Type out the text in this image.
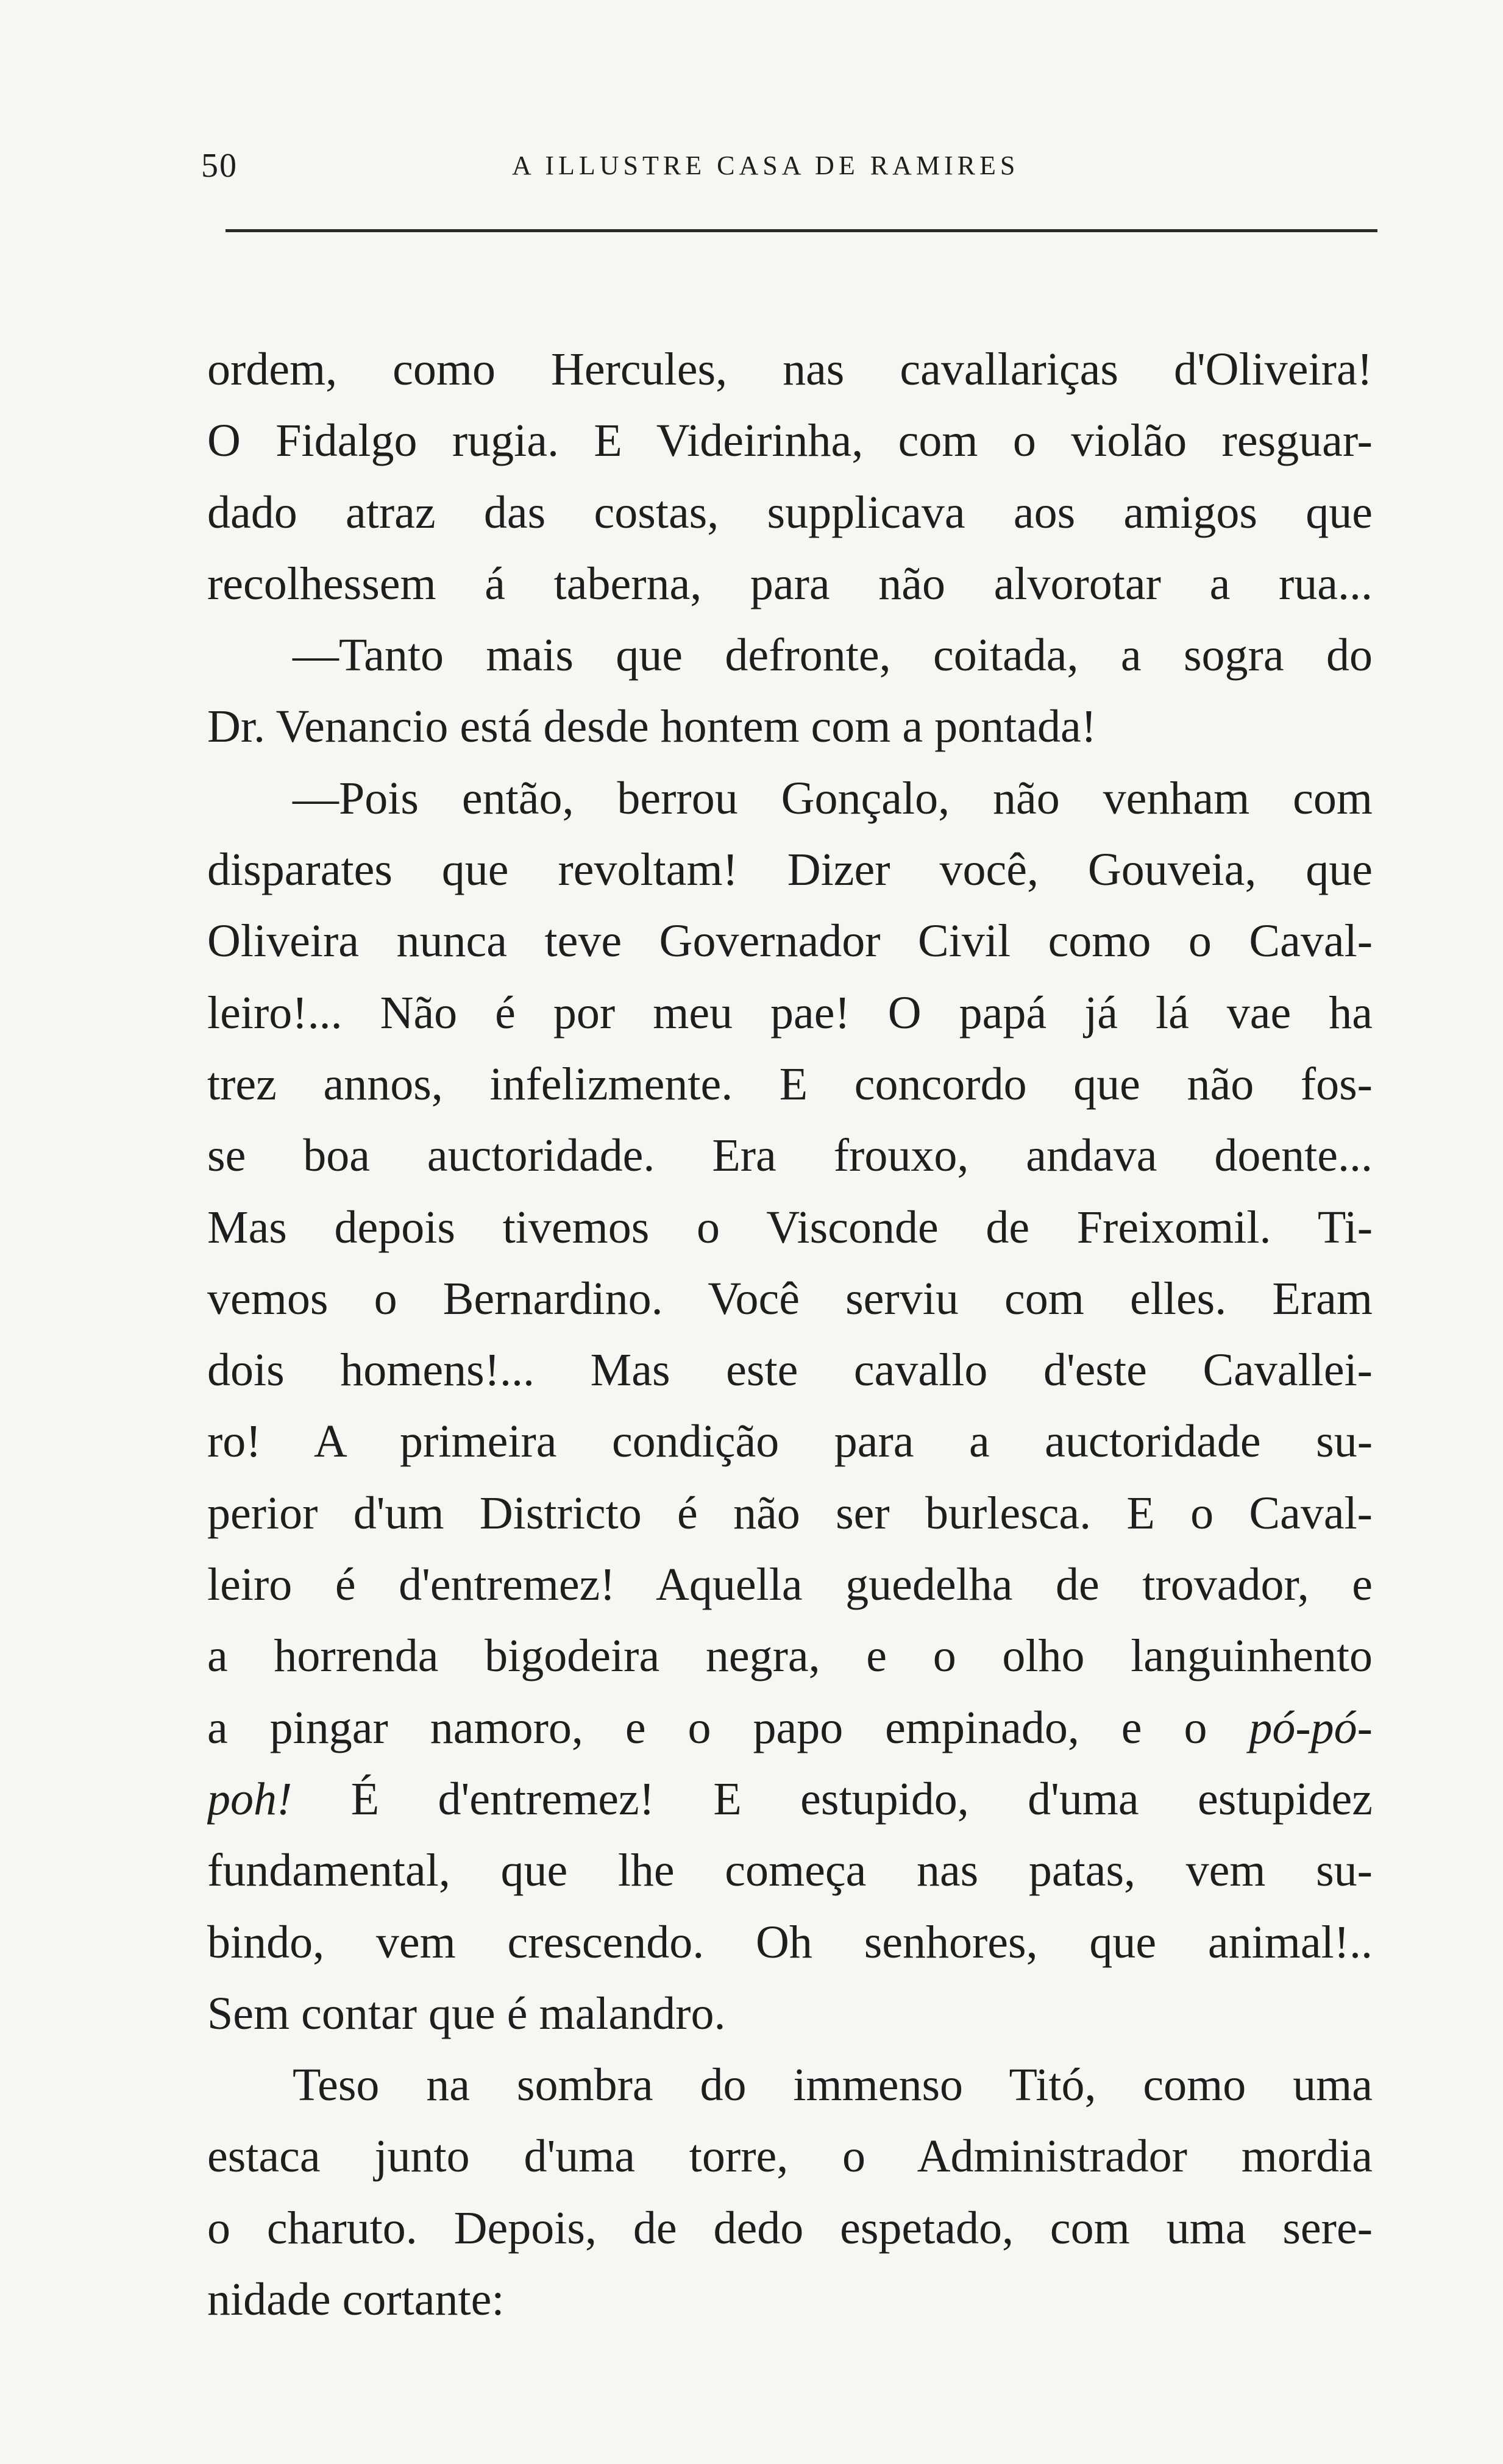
50	A ILLUSTRE CASA DE RAMIRES
ordem, como Hercules, nas cavallariças d'Oliveira!
O Fidalgo rugia. E Videirinha, com o violão resguar-
dado atraz das costas, supplicava aos amigos que
recolhessem á taberna, para não alvorotar a rua...
—Tanto mais que defronte, coitada, a sogra do
Dr. Venancio está desde hontem com a pontada!
—Pois então, berrou Gonçalo, não venham com
disparates que revoltam! Dizer você, Gouveia, que
Oliveira nunca teve Governador Civil como o Caval-
leiro!... Não é por meu pae! O papá já lá vae ha
trez annos, infelizmente. E concordo que não fos-
se boa auctoridade. Era frouxo, andava doente...
Mas depois tivemos o Visconde de Freixomil. Ti-
vemos o Bernardino. Você serviu com elles. Eram
dois homens!... Mas este cavallo d'este Cavallei-
ro! A primeira condição para a auctoridade su-
perior d'um Districto é não ser burlesca. E o Caval-
leiro é d'entremez! Aquella guedelha de trovador, e
a horrenda bigodeira negra, e o olho languinhento
a pingar namoro, e o papo empinado, e o pó-pó-
poh! É d'entremez! E estupido, d'uma estupidez
fundamental, que lhe começa nas patas, vem su-
bindo, vem crescendo. Oh senhores, que animal!..
Sem contar que é malandro.
Teso na sombra do immenso Titó, como uma
estaca junto d'uma torre, o Administrador mordia
o charuto. Depois, de dedo espetado, com uma sere-
nidade cortante:
